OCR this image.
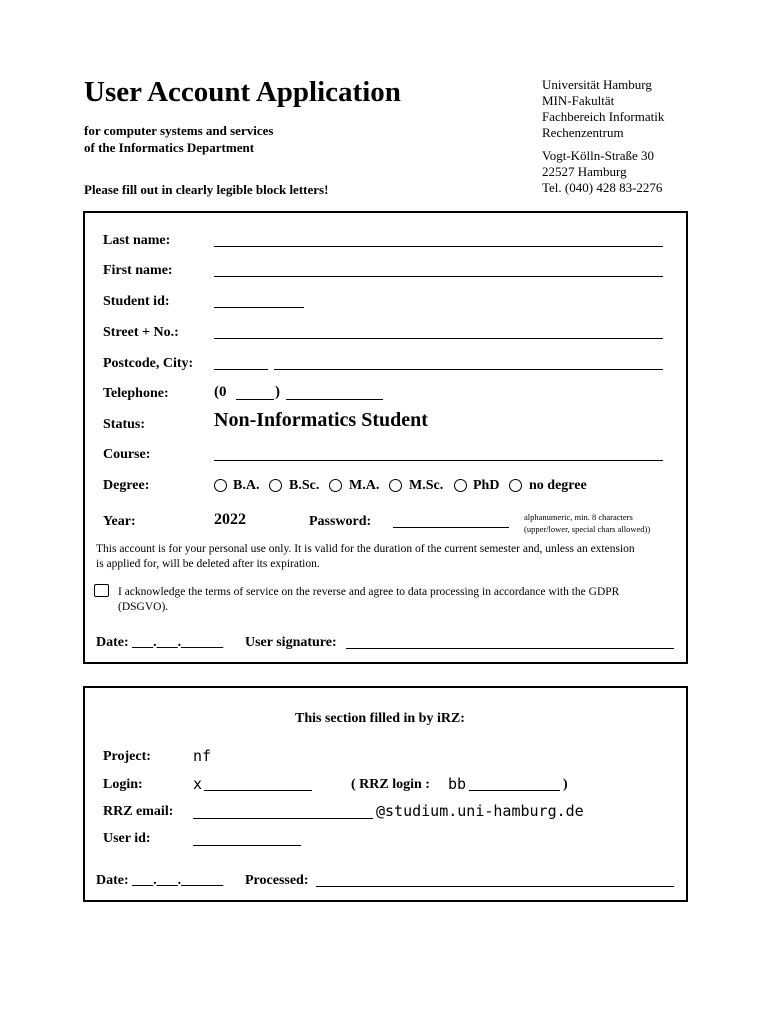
User Account Application
for computer systems and services
of the Informatics Department
Please fill out in clearly legible block letters!
Universität Hamburg
MIN-Fakultät
Fachbereich Informatik
Rechenzentrum
Vogt-Kölln-Straße 30
22527 Hamburg
Tel. (040) 428 83-2276
Last name:
First name:
Student id:
Street + No.:
Postcode, City:
Telephone:	(0	)
Status:	Non-Informatics Student
Course:
Degree:	B.A. B.Sc. M.A. M.Sc. PhD no degree
Year:	2022	Password:	alphanumeric, min. 8 characters
(upper/lower, special chars allowed))
This account is for your personal use only. It is valid for the duration of the current semester and, unless an extension
is applied for, will be deleted after its expiration.
I acknowledge the terms of service on the reverse and agree to data processing in accordance with the GDPR
(DSGVO).
Date: ___.___.______ User signature:
This section filled in by iRZ:
Project:	nf
Login:	x	( RRZ login : bb	)
RRZ email:	@studium.uni-hamburg.de
User id:
Date: ___.___.______ Processed:
